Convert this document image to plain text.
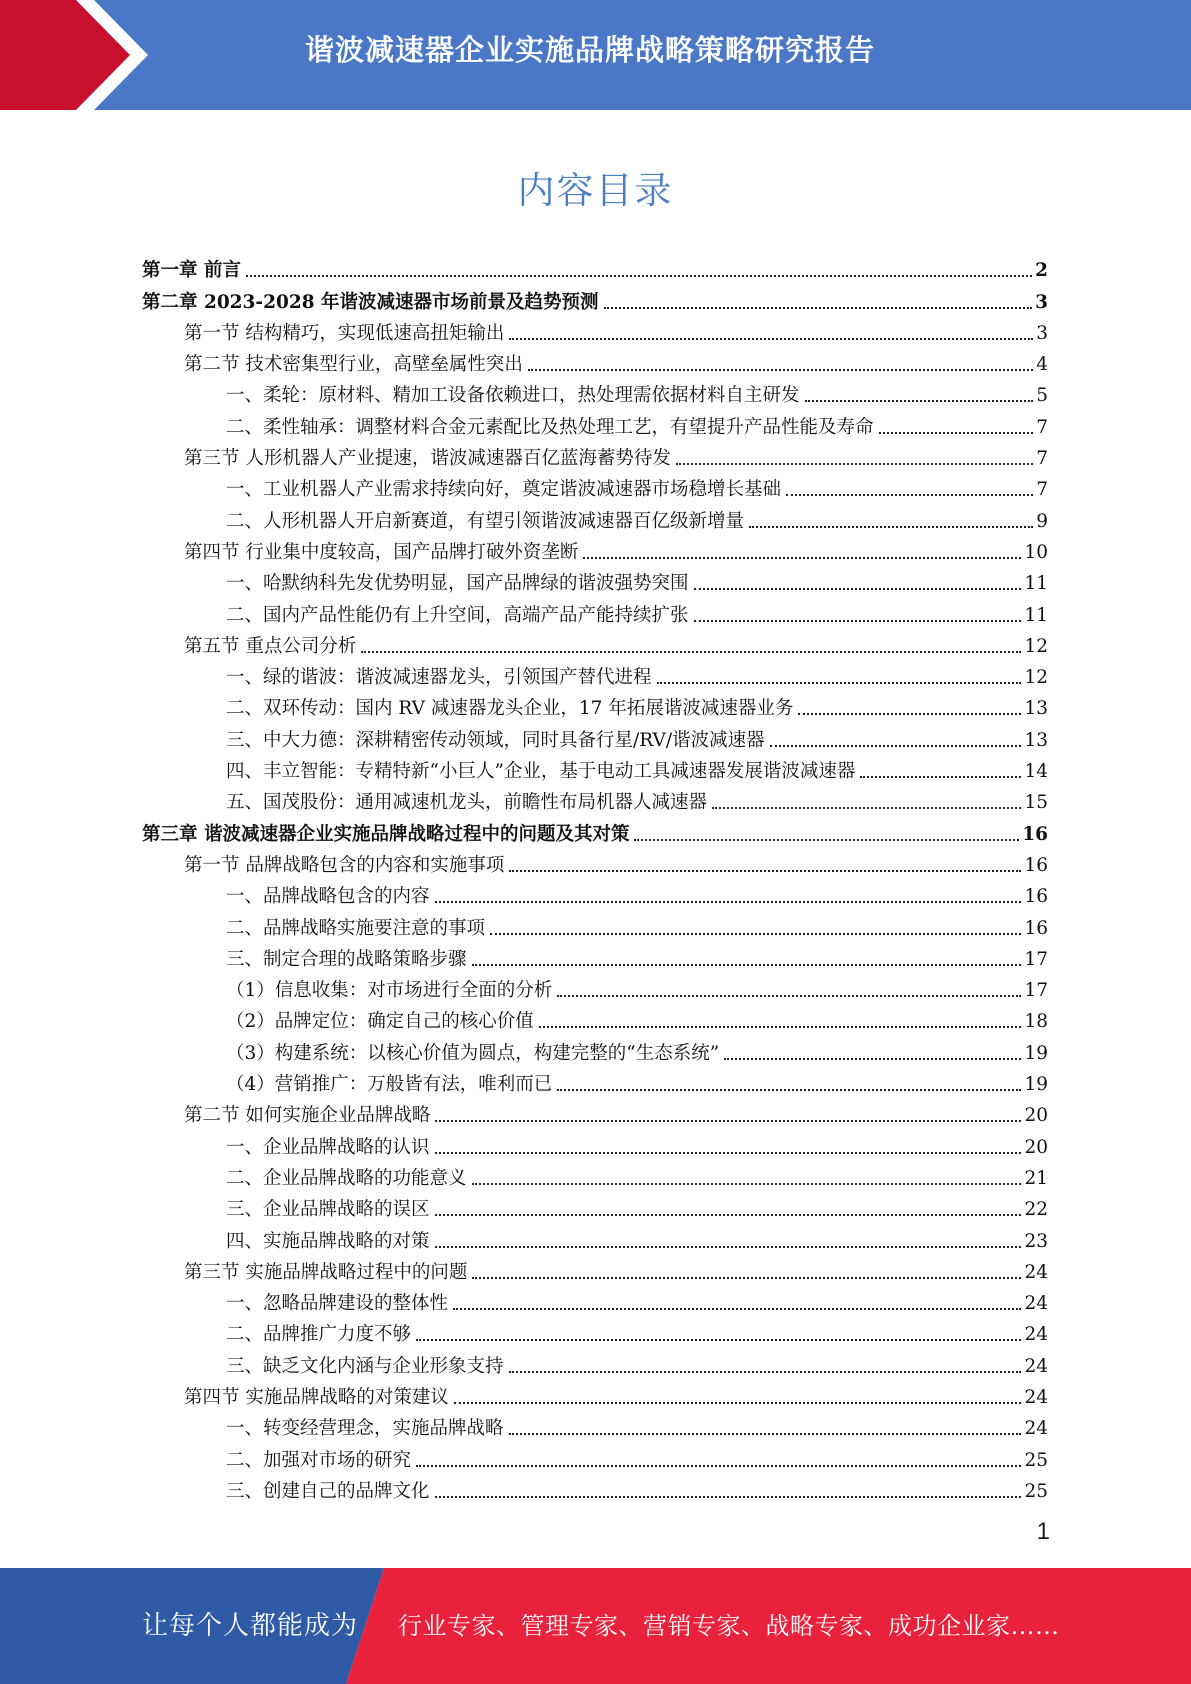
谐波减速器企业实施品牌战略策略研究报告
内容目录
第一章 前言	2
第二章 2023-2028 年谐波减速器市场前景及趋势预测	3
第一节 结构精巧，实现低速高扭矩输出	3
第二节 技术密集型行业，高壁垒属性突出	4
一、柔轮：原材料、精加工设备依赖进口，热处理需依据材料自主研发	5
二、柔性轴承：调整材料合金元素配比及热处理工艺，有望提升产品性能及寿命	7
第三节 人形机器人产业提速，谐波减速器百亿蓝海蓄势待发	7
一、工业机器人产业需求持续向好，奠定谐波减速器市场稳增长基础	7
二、人形机器人开启新赛道，有望引领谐波减速器百亿级新增量	9
第四节 行业集中度较高，国产品牌打破外资垄断	10
一、哈默纳科先发优势明显，国产品牌绿的谐波强势突围	11
二、国内产品性能仍有上升空间，高端产品产能持续扩张	11
第五节 重点公司分析	12
一、绿的谐波：谐波减速器龙头，引领国产替代进程	12
二、双环传动：国内 RV 减速器龙头企业，17 年拓展谐波减速器业务	13
三、中大力德：深耕精密传动领域，同时具备行星/RV/谐波减速器	13
四、丰立智能：专精特新“小巨人”企业，基于电动工具减速器发展谐波减速器	14
五、国茂股份：通用减速机龙头，前瞻性布局机器人减速器	15
第三章 谐波减速器企业实施品牌战略过程中的问题及其对策	16
第一节 品牌战略包含的内容和实施事项	16
一、品牌战略包含的内容	16
二、品牌战略实施要注意的事项	16
三、制定合理的战略策略步骤	17
（1）信息收集：对市场进行全面的分析	17
（2）品牌定位：确定自己的核心价值	18
（3）构建系统：以核心价值为圆点，构建完整的“生态系统”	19
（4）营销推广：万般皆有法，唯利而已	19
第二节 如何实施企业品牌战略	20
一、企业品牌战略的认识	20
二、企业品牌战略的功能意义	21
三、企业品牌战略的误区	22
四、实施品牌战略的对策	23
第三节 实施品牌战略过程中的问题	24
一、忽略品牌建设的整体性	24
二、品牌推广力度不够	24
三、缺乏文化内涵与企业形象支持	24
第四节 实施品牌战略的对策建议	24
一、转变经营理念，实施品牌战略	24
二、加强对市场的研究	25
三、创建自己的品牌文化	25
1
让每个人都能成为 行业专家、管理专家、营销专家、战略专家、成功企业家……
